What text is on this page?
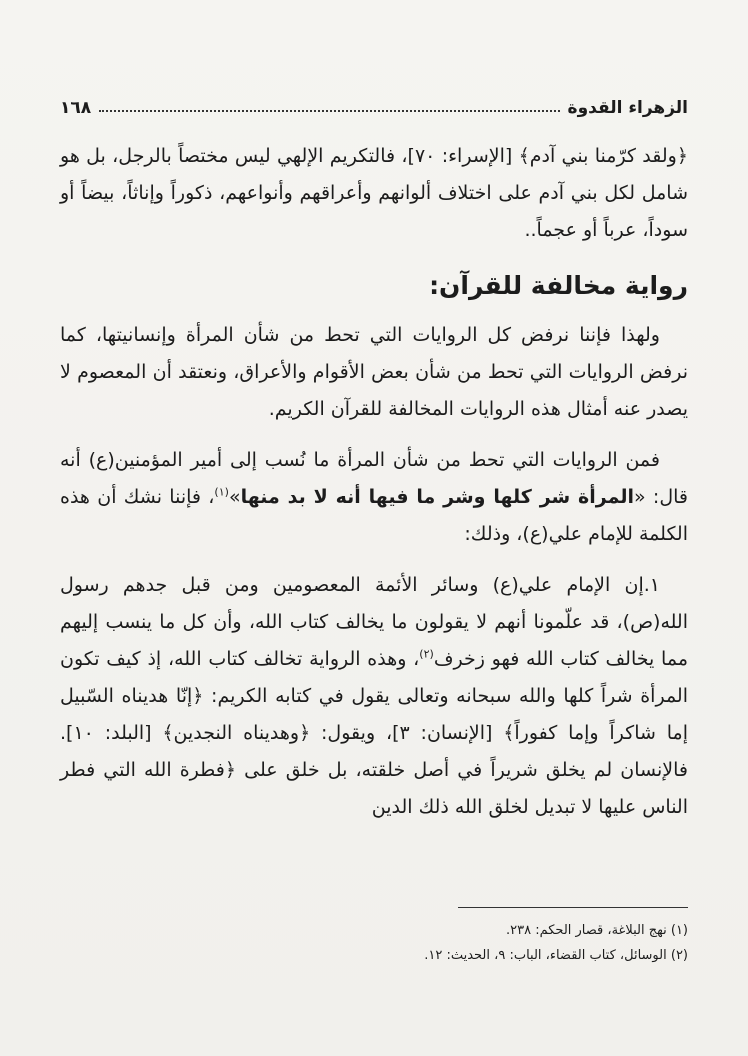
الزهراء القدوة
١٦٨

﴿ولقد كرّمنا بني آدم﴾ [الإسراء: ٧٠]، فالتكريم الإلهي ليس مختصاً بالرجل، بل هو شامل لكل بني آدم على اختلاف ألوانهم وأعراقهم وأنواعهم، ذكوراً وإناثاً، بيضاً أو سوداً، عرباً أو عجماً..

رواية مخالفة للقرآن:

ولهذا فإننا نرفض كل الروايات التي تحط من شأن المرأة وإنسانيتها، كما نرفض الروايات التي تحط من شأن بعض الأقوام والأعراق، ونعتقد أن المعصوم لا يصدر عنه أمثال هذه الروايات المخالفة للقرآن الكريم.

فمن الروايات التي تحط من شأن المرأة ما نُسب إلى أمير المؤمنين(ع) أنه قال: «المرأة شر كلها وشر ما فيها أنه لا بد منها»$^{(١)}$، فإننا نشك أن هذه الكلمة للإمام علي(ع)، وذلك:

١.إن الإمام علي(ع) وسائر الأئمة المعصومين ومن قبل جدهم رسول الله(ص)، قد علّمونا أنهم لا يقولون ما يخالف كتاب الله، وأن كل ما ينسب إليهم مما يخالف كتاب الله فهو زخرف$^{(٢)}$، وهذه الرواية تخالف كتاب الله، إذ كيف تكون المرأة شراً كلها والله سبحانه وتعالى يقول في كتابه الكريم: ﴿إنّا هديناه السّبيل إما شاكراً وإما كفوراً﴾ [الإنسان: ٣]، ويقول: ﴿وهديناه النجدين﴾ [البلد: ١٠]. فالإنسان لم يخلق شريراً في أصل خلقته، بل خلق على ﴿فطرة الله التي فطر الناس عليها لا تبديل لخلق الله ذلك الدين

(١) نهج البلاغة، قصار الحكم: ٢٣٨.

(٢) الوسائل، كتاب القضاء، الباب: ٩، الحديث: ١٢.
